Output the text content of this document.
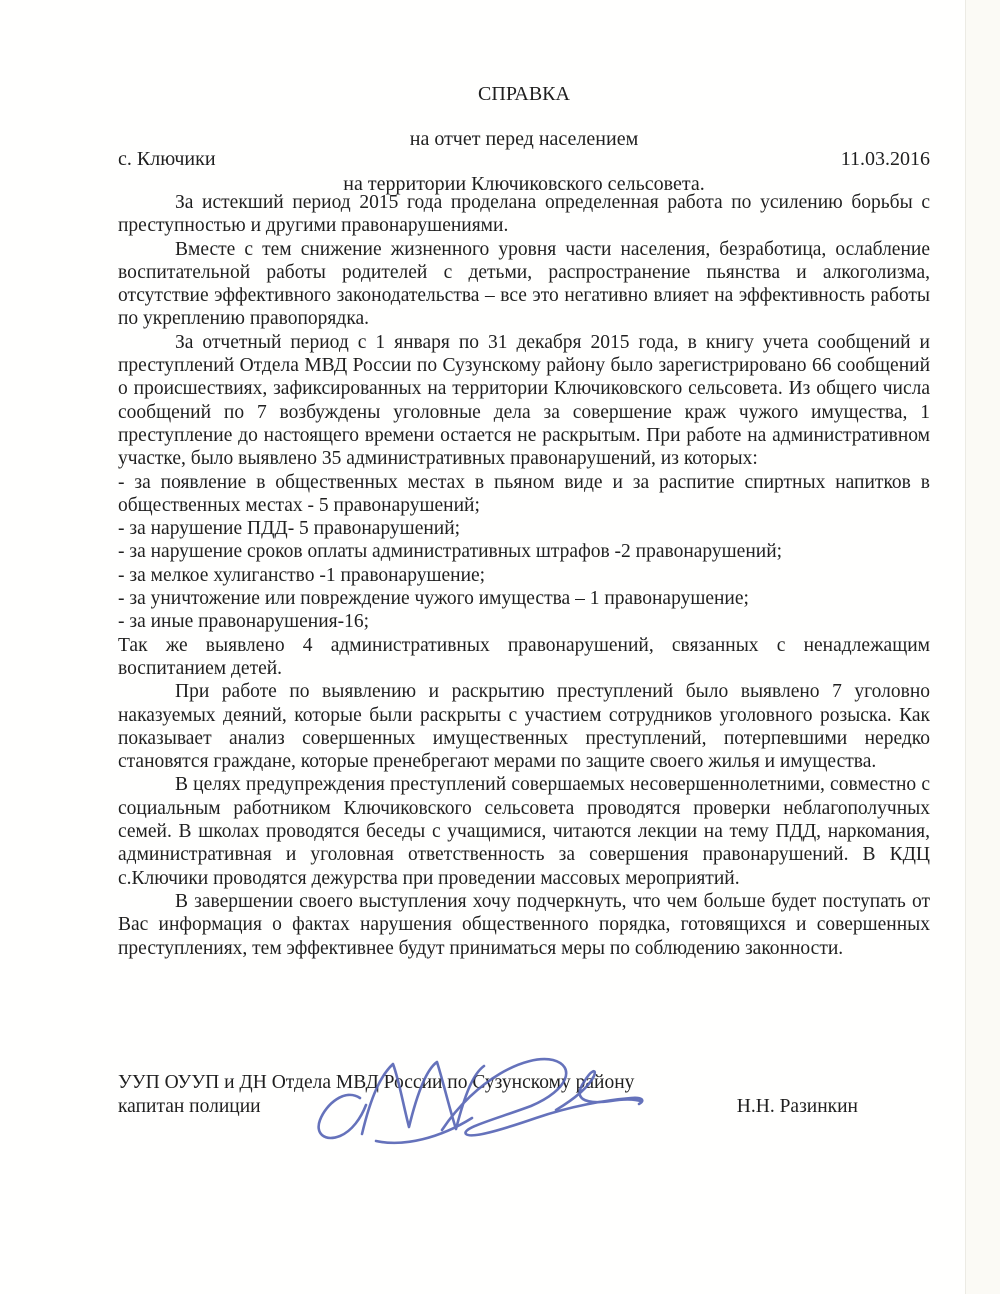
СПРАВКА

на отчет перед населением

на территории Ключиковского сельсовета.

с. Ключики	11.03.2016

За истекший период 2015 года проделана определенная работа по усилению борьбы с преступностью и другими правонарушениями.

Вместе с тем снижение жизненного уровня части населения, безработица, ослабление воспитательной работы родителей с детьми, распространение пьянства и алкоголизма, отсутствие эффективного законодательства – все это негативно влияет на эффективность работы по укреплению правопорядка.

За отчетный период с 1 января по 31 декабря 2015 года, в книгу учета сообщений и преступлений Отдела МВД России по Сузунскому району было зарегистрировано 66 сообщений о происшествиях, зафиксированных на территории Ключиковского сельсовета. Из общего числа сообщений по 7 возбуждены уголовные дела за совершение краж чужого имущества, 1 преступление до настоящего времени остается не раскрытым. При работе на административном участке, было выявлено 35 административных правонарушений, из которых:

- за появление в общественных местах в пьяном виде и за распитие спиртных напитков в общественных местах - 5 правонарушений;

- за нарушение ПДД- 5 правонарушений;

- за нарушение сроков оплаты административных штрафов -2 правонарушений;

- за мелкое хулиганство -1 правонарушение;

- за уничтожение или повреждение чужого имущества – 1 правонарушение;

- за иные правонарушения-16;

Так же выявлено 4 административных правонарушений, связанных с ненадлежащим воспитанием детей.

При работе по выявлению и раскрытию преступлений было выявлено 7 уголовно наказуемых деяний, которые были раскрыты с участием сотрудников уголовного розыска. Как показывает анализ совершенных имущественных преступлений, потерпевшими нередко становятся граждане, которые пренебрегают мерами по защите своего жилья и имущества.

В целях предупреждения преступлений совершаемых несовершеннолетними, совместно с социальным работником Ключиковского сельсовета проводятся проверки неблагополучных семей. В школах проводятся беседы с учащимися, читаются лекции на тему ПДД, наркомания, административная и уголовная ответственность за совершения правонарушений. В КДЦ с.Ключики проводятся дежурства при проведении массовых мероприятий.

В завершении своего выступления хочу подчеркнуть, что чем больше будет поступать от Вас информация о фактах нарушения общественного порядка, готовящихся и совершенных преступлениях, тем эффективнее будут приниматься меры по соблюдению законности.

УУП ОУУП и ДН Отдела МВД России по Сузунскому району
капитан полиции	Н.Н. Разинкин
